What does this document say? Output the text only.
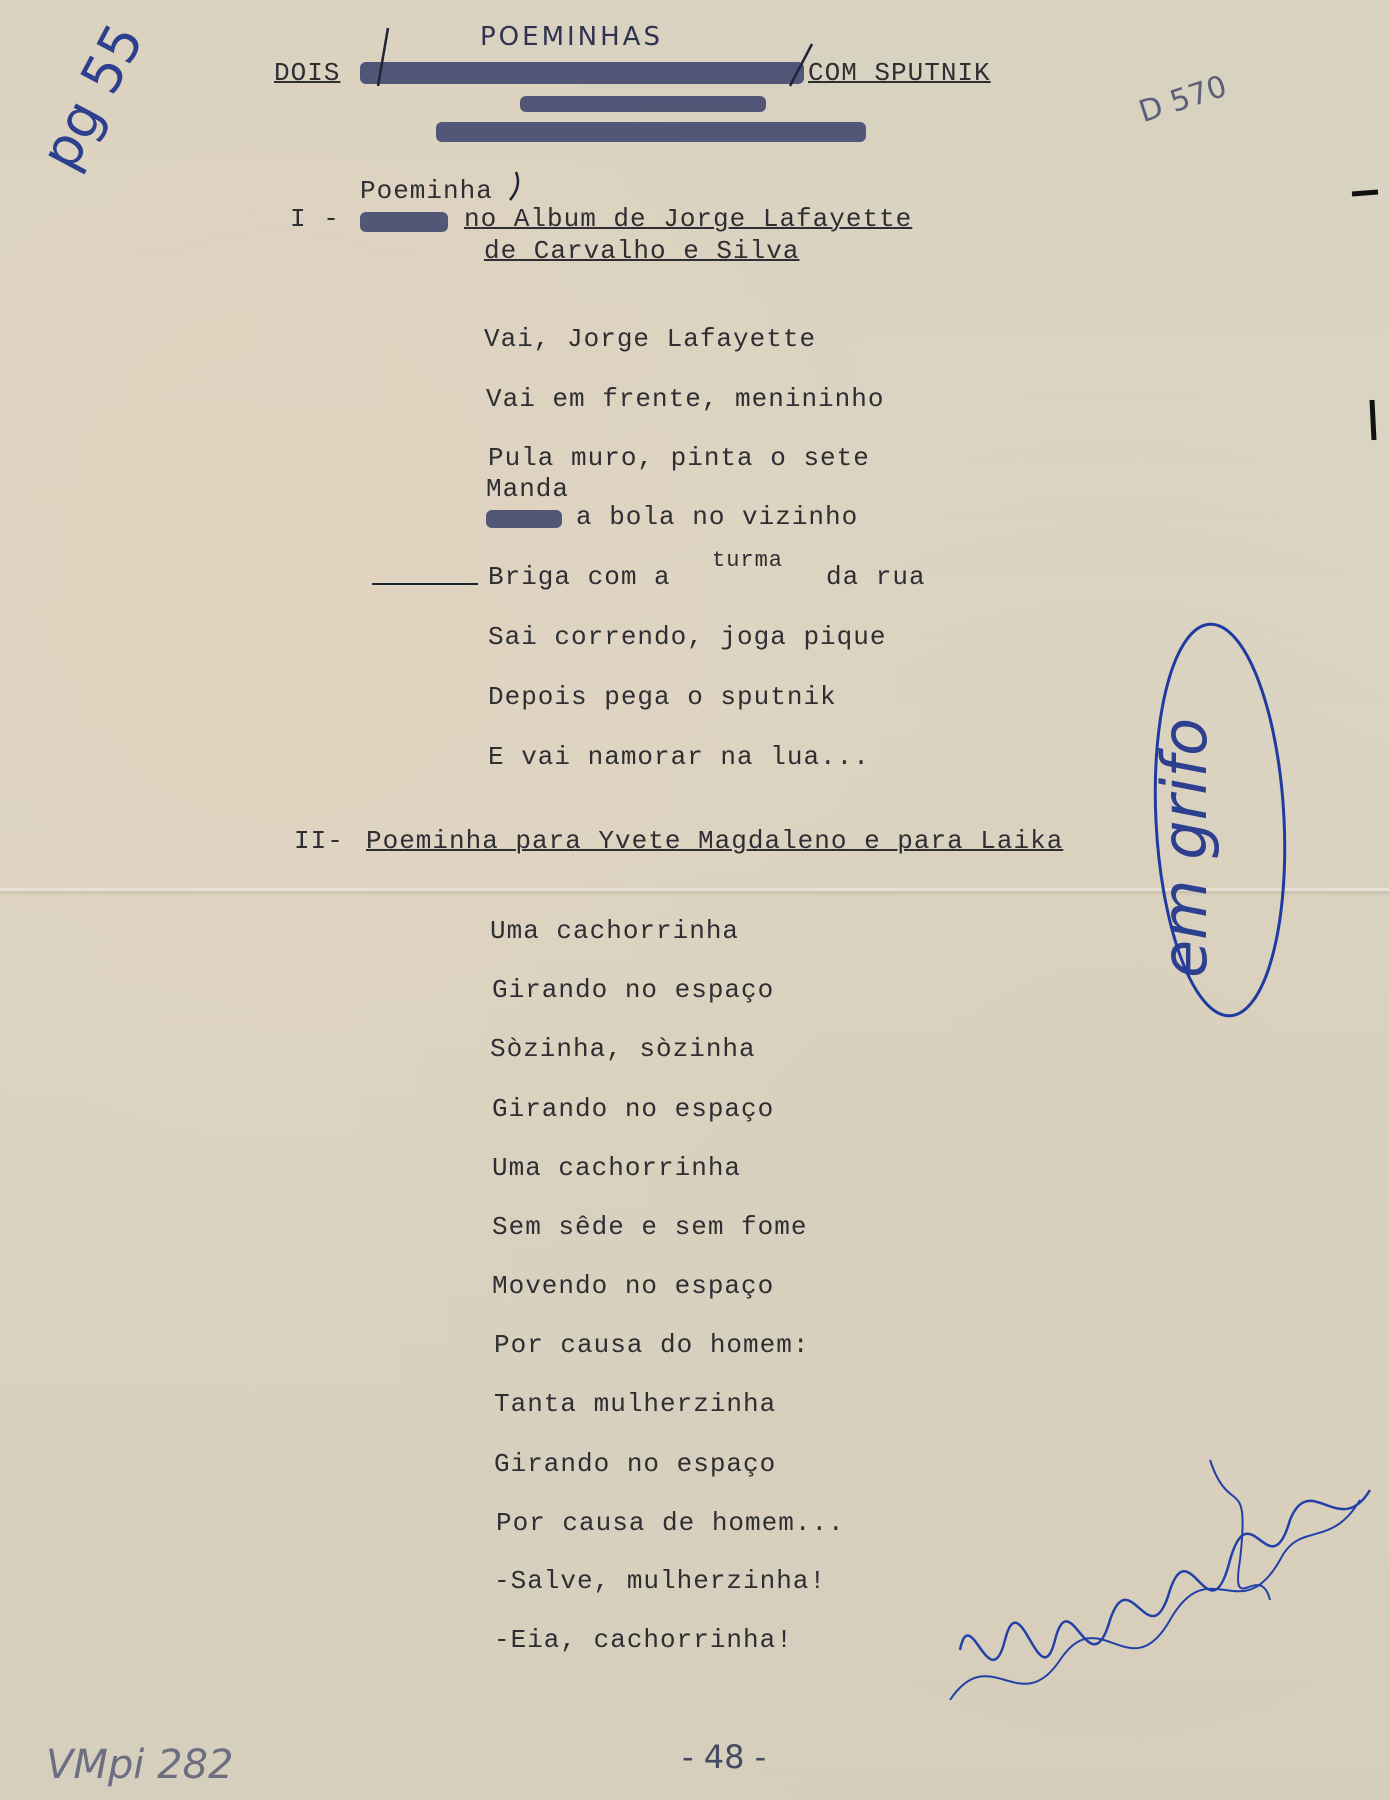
pg 55	D 570
POEMINHAS
DOIS	COM SPUTNIK
Poeminha
I -	no Album de Jorge Lafayette
de Carvalho e Silva
Vai, Jorge Lafayette
Vai em frente, menininho
Pula muro, pinta o sete
Manda
a bola no vizinho
Briga com a
turma
da rua
Sai correndo, joga pique
Depois pega o sputnik
E vai namorar na lua...
II- Poeminha para Yvete Magdaleno e para Laika
Uma cachorrinha
Girando no espaço
Sòzinha, sòzinha
Girando no espaço
Uma cachorrinha
Sem sêde e sem fome
Movendo no espaço
Por causa do homem:
Tanta mulherzinha
Girando no espaço
Por causa de homem...
-Salve, mulherzinha!
-Eia, cachorrinha!
- 48 -
VMpi 282
em grifo
